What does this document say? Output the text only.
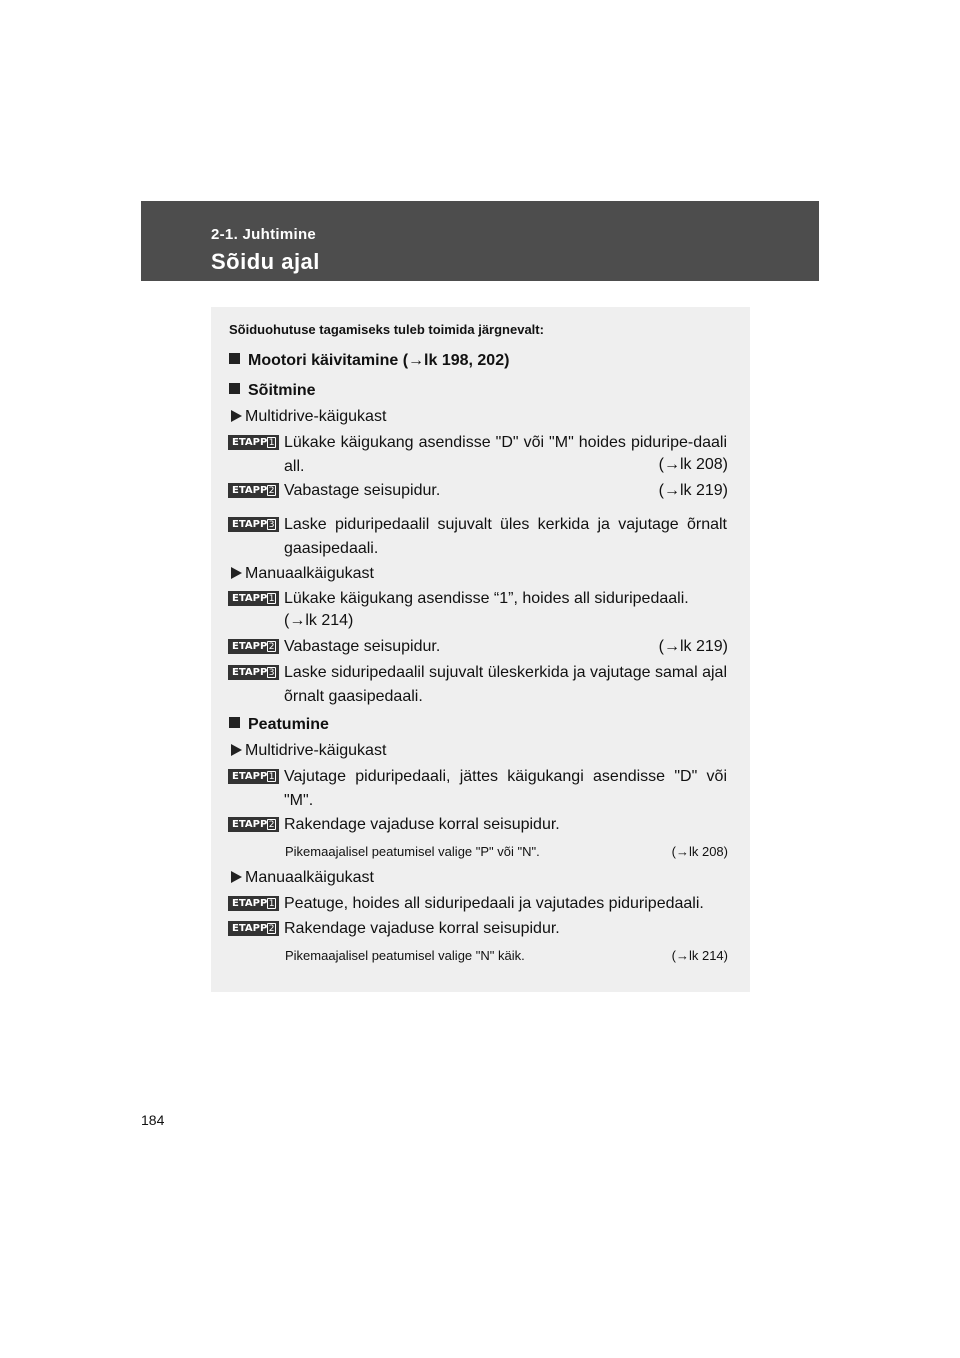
2-1. Juhtimine
Sõidu ajal
Sõiduohutuse tagamiseks tuleb toimida järgnevalt:
Mootori käivitamine (→lk 198, 202)
Sõitmine
Multidrive-käigukast
ETAPP 1 Lükake käigukang asendisse "D" või "M" hoides piduripe-daali all.	(→lk 208)
ETAPP 2 Vabastage seisupidur.	(→lk 219)
ETAPP 3 Laske piduripedaalil sujuvalt üles kerkida ja vajutage õrnalt gaasipedaali.
Manuaalkäigukast
ETAPP 1 Lükake käigukang asendisse “1”, hoides all siduripedaali.
(→lk 214)
ETAPP 2 Vabastage seisupidur.	(→lk 219)
ETAPP 3 Laske siduripedaalil sujuvalt üleskerkida ja vajutage samal ajal õrnalt gaasipedaali.
Peatumine
Multidrive-käigukast
ETAPP 1 Vajutage piduripedaali, jättes käigukangi asendisse "D" või "M".
ETAPP 2 Rakendage vajaduse korral seisupidur.
Pikemaajalisel peatumisel valige "P" või "N".	(→lk 208)
Manuaalkäigukast
ETAPP 1 Peatuge, hoides all siduripedaali ja vajutades piduripedaali.
ETAPP 2 Rakendage vajaduse korral seisupidur.
Pikemaajalisel peatumisel valige "N" käik.	(→lk 214)
184
